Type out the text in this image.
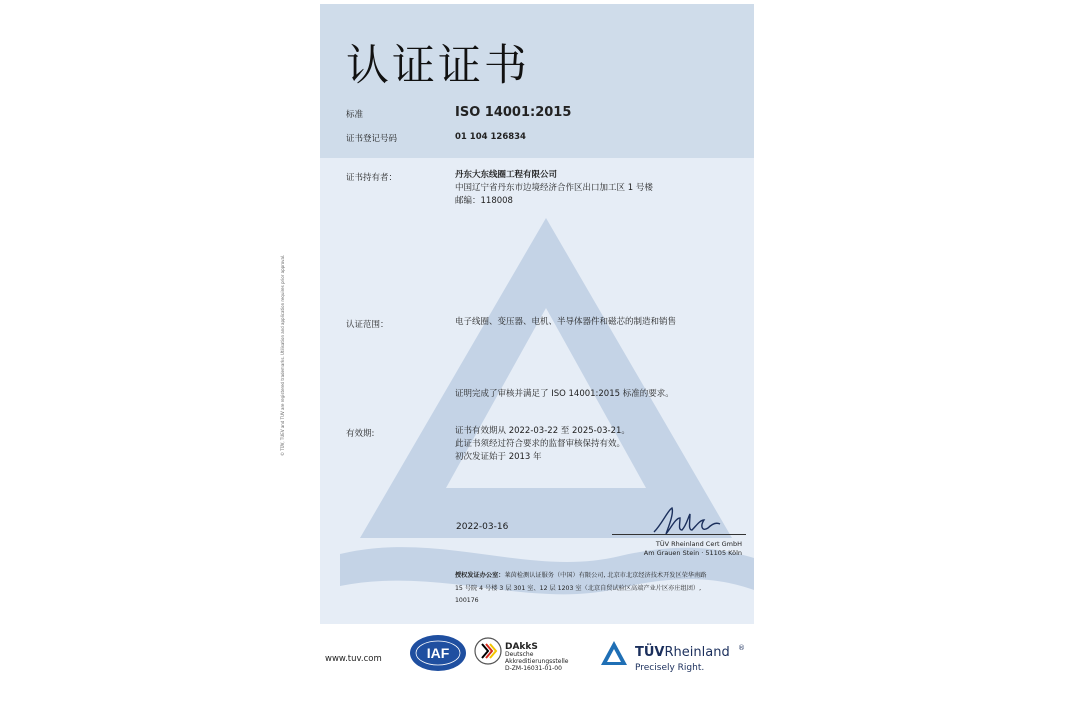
© TÜV, TUEV and TUV are registered trademarks. Utilisation and application requires prior approval.
认证证书
标准	ISO 14001:2015
证书登记号码	01 104 126834
证书持有者：	丹东大东线圈工程有限公司
中国辽宁省丹东市边境经济合作区出口加工区 1 号楼
邮编：118008
认证范围：	电子线圈、变压器、电机、半导体器件和磁芯的制造和销售
证明完成了审核并满足了 ISO 14001:2015 标准的要求。
有效期:	证书有效期从 2022-03-22 至 2025-03-21。
此证书须经过符合要求的监督审核保持有效。
初次发证始于 2013 年
2022-03-16
TÜV Rheinland Cert GmbH
Am Grauen Stein · 51105 Köln
授权发证办公室：莱茵检测认证服务（中国）有限公司, 北京市北京经济技术开发区荣华南路
15 号院 4 号楼 3 层 301 室、12 层 1203 室（北京自贸试验区高端产业片区亦庄组团）,
100176
www.tuv.com	IAF	DAkkS
Deutsche
Akkreditierungsstelle
D-ZM-16031-01-00
TÜVRheinland ®
Precisely Right.
